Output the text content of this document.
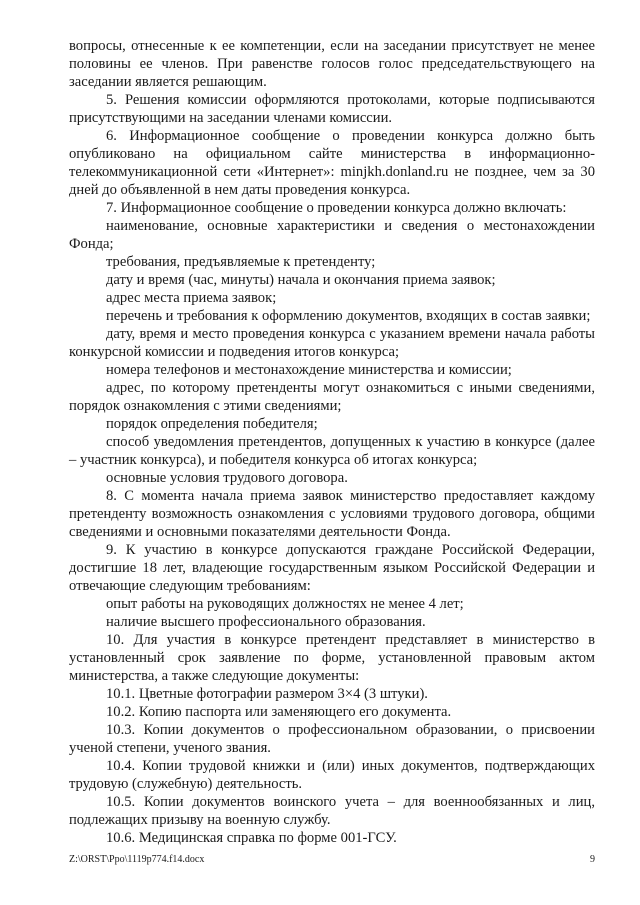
вопросы, отнесенные к ее компетенции, если на заседании присутствует не менее половины ее членов. При равенстве голосов голос председательствующего на заседании является решающим.

5. Решения комиссии оформляются протоколами, которые подписываются присутствующими на заседании членами комиссии.

6. Информационное сообщение о проведении конкурса должно быть опубликовано на официальном сайте министерства в информационно-телекоммуникационной сети «Интернет»: minjkh.donland.ru не позднее, чем за 30 дней до объявленной в нем даты проведения конкурса.

7. Информационное сообщение о проведении конкурса должно включать:

наименование, основные характеристики и сведения о местонахождении Фонда;

требования, предъявляемые к претенденту;

дату и время (час, минуты) начала и окончания приема заявок;

адрес места приема заявок;

перечень и требования к оформлению документов, входящих в состав заявки;

дату, время и место проведения конкурса с указанием времени начала работы конкурсной комиссии и подведения итогов конкурса;

номера телефонов и местонахождение министерства и комиссии;

адрес, по которому претенденты могут ознакомиться с иными сведениями, порядок ознакомления с этими сведениями;

порядок определения победителя;

способ уведомления претендентов, допущенных к участию в конкурсе (далее – участник конкурса), и победителя конкурса об итогах конкурса;

основные условия трудового договора.

8. С момента начала приема заявок министерство предоставляет каждому претенденту возможность ознакомления с условиями трудового договора, общими сведениями и основными показателями деятельности Фонда.

9. К участию в конкурсе допускаются граждане Российской Федерации, достигшие 18 лет, владеющие государственным языком Российской Федерации и отвечающие следующим требованиям:

опыт работы на руководящих должностях не менее 4 лет;

наличие высшего профессионального образования.

10. Для участия в конкурсе претендент представляет в министерство в установленный срок заявление по форме, установленной правовым актом министерства, а также следующие документы:

10.1. Цветные фотографии размером 3×4 (3 штуки).

10.2. Копию паспорта или заменяющего его документа.

10.3. Копии документов о профессиональном образовании, о присвоении ученой степени, ученого звания.

10.4. Копии трудовой книжки и (или) иных документов, подтверждающих трудовую (служебную) деятельность.

10.5. Копии документов воинского учета – для военнообязанных и лиц, подлежащих призыву на военную службу.

10.6. Медицинская справка по форме 001-ГСУ.

Z:\ORST\Ppo\1119p774.f14.docx	9
